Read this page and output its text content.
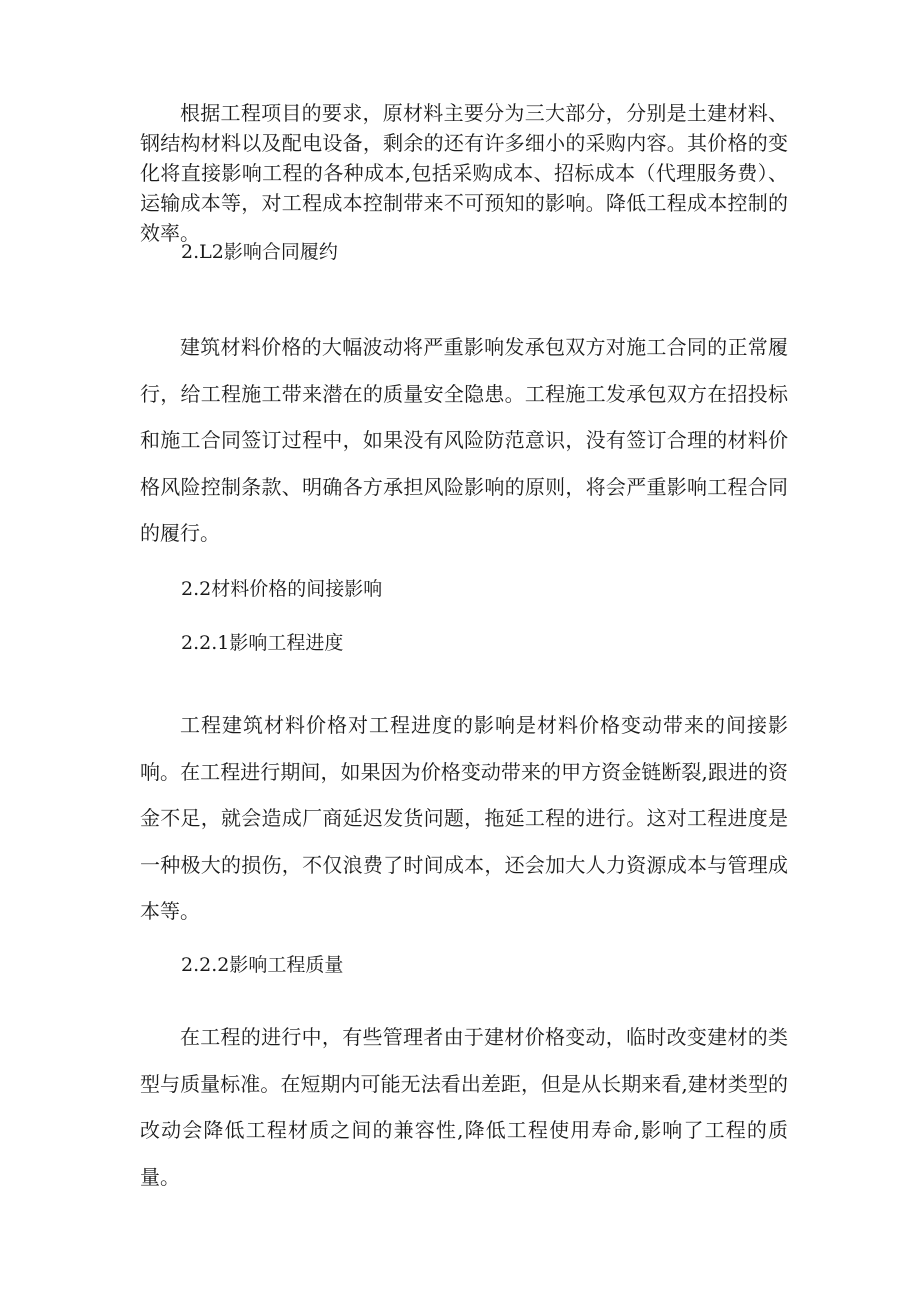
根据工程项目的要求，原材料主要分为三大部分，分别是土建材料、钢结构材料以及配电设备，剩余的还有许多细小的采购内容。其价格的变化将直接影响工程的各种成本,包括采购成本、招标成本（代理服务费）、运输成本等，对工程成本控制带来不可预知的影响。降低工程成本控制的效率。

2.L2影响合同履约

建筑材料价格的大幅波动将严重影响发承包双方对施工合同的正常履行，给工程施工带来潜在的质量安全隐患。工程施工发承包双方在招投标和施工合同签订过程中，如果没有风险防范意识，没有签订合理的材料价格风险控制条款、明确各方承担风险影响的原则，将会严重影响工程合同的履行。

2.2材料价格的间接影响

2.2.1影响工程进度

工程建筑材料价格对工程进度的影响是材料价格变动带来的间接影响。在工程进行期间，如果因为价格变动带来的甲方资金链断裂,跟进的资金不足，就会造成厂商延迟发货问题，拖延工程的进行。这对工程进度是一种极大的损伤，不仅浪费了时间成本，还会加大人力资源成本与管理成本等。

2.2.2影响工程质量

在工程的进行中，有些管理者由于建材价格变动，临时改变建材的类型与质量标准。在短期内可能无法看出差距，但是从长期来看,建材类型的改动会降低工程材质之间的兼容性,降低工程使用寿命,影响了工程的质量。
